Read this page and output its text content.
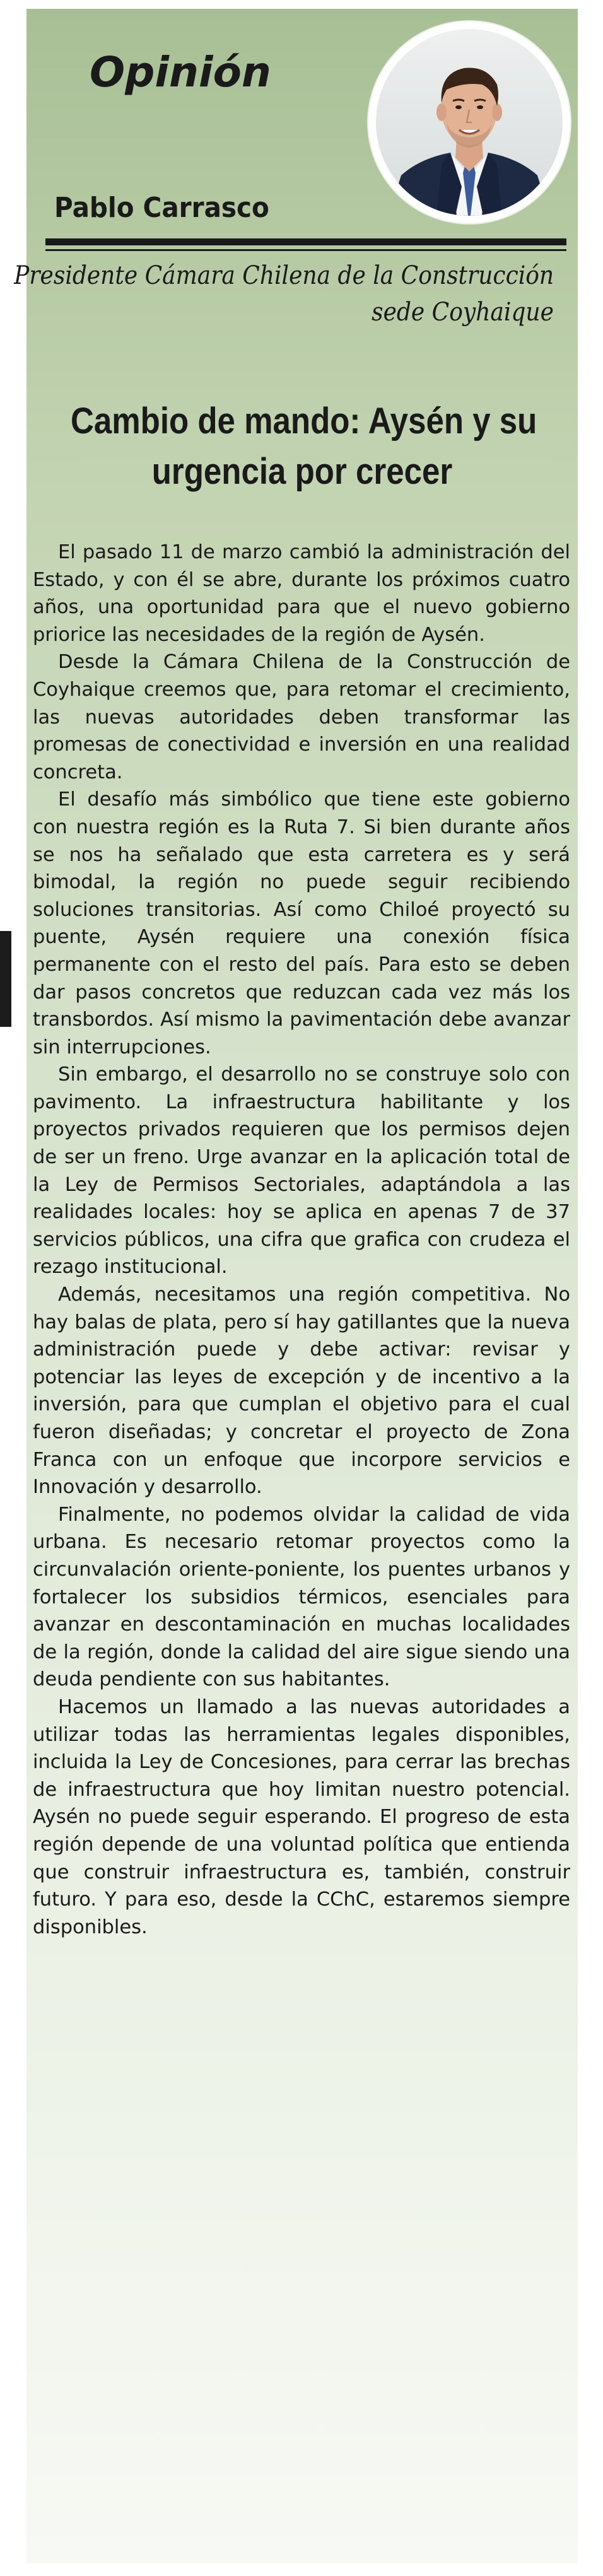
Opinión
Pablo Carrasco
Presidente Cámara Chilena de la Construcción
sede Coyhaique
Cambio de mando: Aysén y su
urgencia por crecer

El pasado 11 de marzo cambió la administración del Estado, y con él se abre, durante los próximos cuatro años, una oportunidad para que el nuevo gobierno priorice las necesidades de la región de Aysén.

Desde la Cámara Chilena de la Construcción de Coyhaique creemos que, para retomar el crecimiento, las nuevas autoridades deben transformar las promesas de conectividad e inversión en una realidad concreta.

El desafío más simbólico que tiene este gobierno con nuestra región es la Ruta 7. Si bien durante años se nos ha señalado que esta carretera es y será bimodal, la región no puede seguir recibiendo soluciones transitorias. Así como Chiloé proyectó su puente, Aysén requiere una conexión física permanente con el resto del país. Para esto se deben dar pasos concretos que reduzcan cada vez más los transbordos. Así mismo la pavimentación debe avanzar sin interrupciones.

Sin embargo, el desarrollo no se construye solo con pavimento. La infraestructura habilitante y los proyectos privados requieren que los permisos dejen de ser un freno. Urge avanzar en la aplicación total de la Ley de Permisos Sectoriales, adaptándola a las realidades locales: hoy se aplica en apenas 7 de 37 servicios públicos, una cifra que grafica con crudeza el rezago institucional.

Además, necesitamos una región competitiva. No hay balas de plata, pero sí hay gatillantes que la nueva administración puede y debe activar: revisar y potenciar las leyes de excepción y de incentivo a la inversión, para que cumplan el objetivo para el cual fueron diseñadas; y concretar el proyecto de Zona Franca con un enfoque que incorpore servicios e Innovación y desarrollo.

Finalmente, no podemos olvidar la calidad de vida urbana. Es necesario retomar proyectos como la circunvalación oriente-poniente, los puentes urbanos y fortalecer los subsidios térmicos, esenciales para avanzar en descontaminación en muchas localidades de la región, donde la calidad del aire sigue siendo una deuda pendiente con sus habitantes.

Hacemos un llamado a las nuevas autoridades a utilizar todas las herramientas legales disponibles, incluida la Ley de Concesiones, para cerrar las brechas de infraestructura que hoy limitan nuestro potencial. Aysén no puede seguir esperando. El progreso de esta región depende de una voluntad política que entienda que construir infraestructura es, también, construir futuro. Y para eso, desde la CChC, estaremos siempre disponibles.
